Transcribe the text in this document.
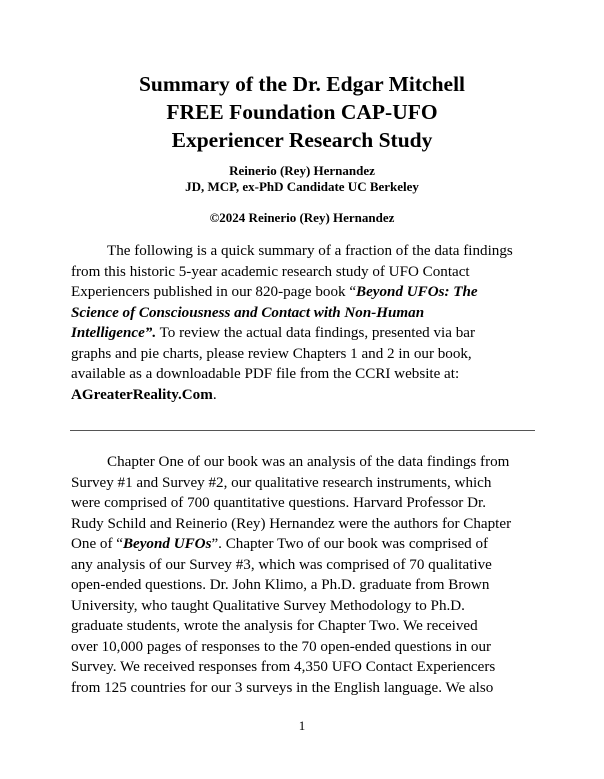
Summary of the Dr. Edgar Mitchell
FREE Foundation CAP-UFO
Experiencer Research Study
Reinerio (Rey) Hernandez
JD, MCP, ex-PhD Candidate UC Berkeley
©2024 Reinerio (Rey) Hernandez

The following is a quick summary of a fraction of the data findings
from this historic 5-year academic research study of UFO Contact
Experiencers published in our 820-page book “Beyond UFOs: The
Science of Consciousness and Contact with Non-Human
Intelligence”. To review the actual data findings, presented via bar
graphs and pie charts, please review Chapters 1 and 2 in our book,
available as a downloadable PDF file from the CCRI website at:
AGreaterReality.Com.

Chapter One of our book was an analysis of the data findings from
Survey #1 and Survey #2, our qualitative research instruments, which
were comprised of 700 quantitative questions. Harvard Professor Dr.
Rudy Schild and Reinerio (Rey) Hernandez were the authors for Chapter
One of “Beyond UFOs”. Chapter Two of our book was comprised of
any analysis of our Survey #3, which was comprised of 70 qualitative
open-ended questions. Dr. John Klimo, a Ph.D. graduate from Brown
University, who taught Qualitative Survey Methodology to Ph.D.
graduate students, wrote the analysis for Chapter Two. We received
over 10,000 pages of responses to the 70 open-ended questions in our
Survey. We received responses from 4,350 UFO Contact Experiencers
from 125 countries for our 3 surveys in the English language. We also

1
